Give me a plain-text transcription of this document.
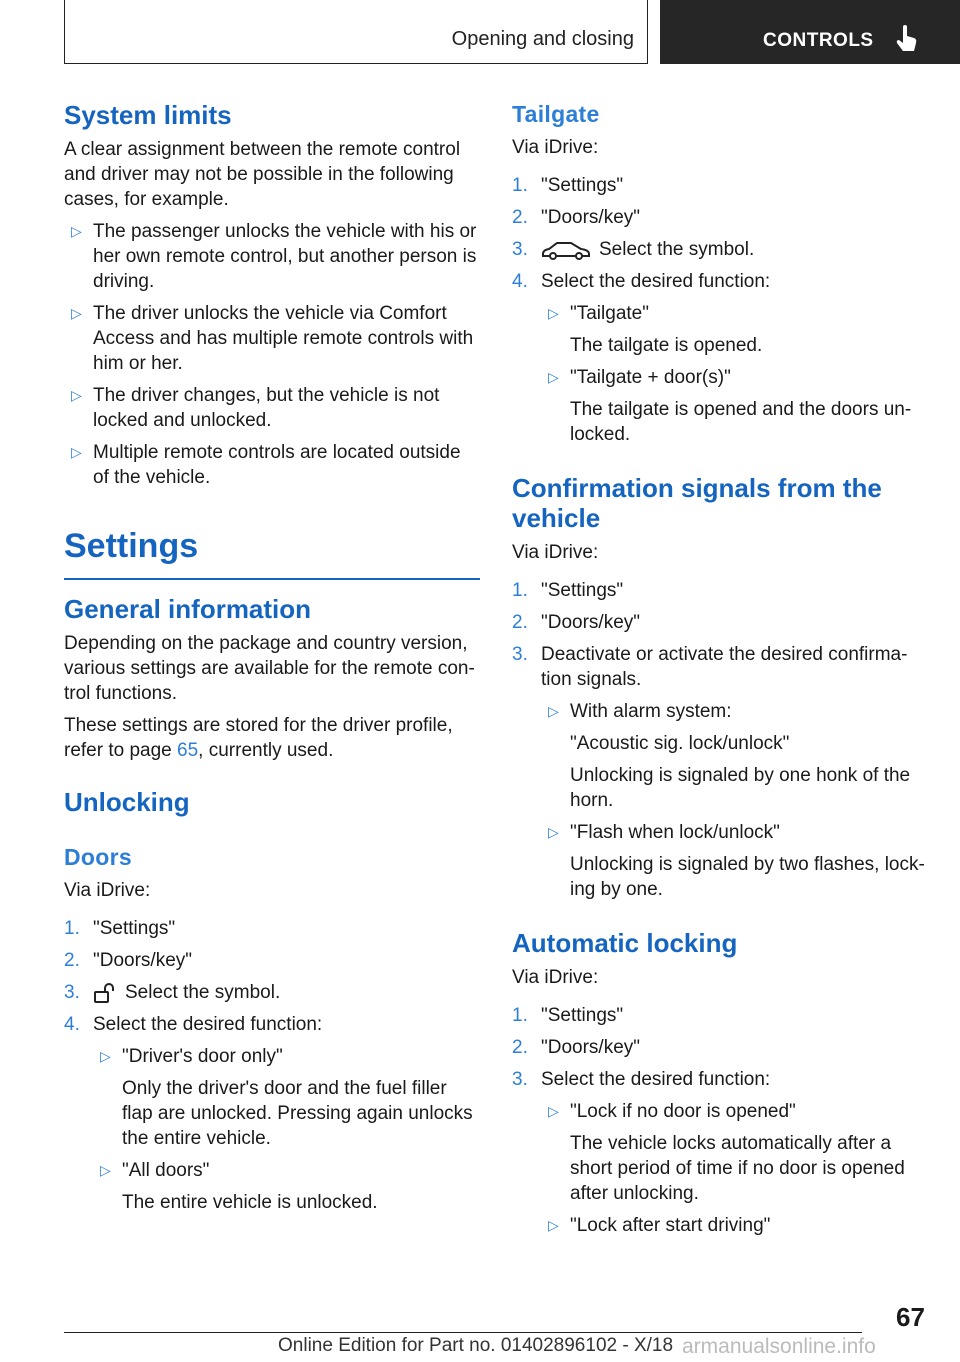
Opening and closing	CONTROLS
System limits

A clear assignment between the remote control and driver may not be possible in the following cases, for example.

▷ The passenger unlocks the vehicle with his or her own remote control, but another person is driving.
▷ The driver unlocks the vehicle via Comfort Access and has multiple remote controls with him or her.
▷ The driver changes, but the vehicle is not locked and unlocked.
▷ Multiple remote controls are located outside of the vehicle.
Settings
General information

Depending on the package and country version, various settings are available for the remote con‐trol functions.

These settings are stored for the driver profile, refer to page 65, currently used.

Unlocking
Doors

Via iDrive:

1. "Settings"
2. "Doors/key"
3. Select the symbol.
4. Select the desired function:
▷ "Driver's door only"
Only the driver's door and the fuel filler flap are unlocked. Pressing again unlocks the entire vehicle.
▷ "All doors"
The entire vehicle is unlocked.
Tailgate

Via iDrive:

1. "Settings"
2. "Doors/key"
3.	Select the symbol.
4. Select the desired function:
▷ "Tailgate"
The tailgate is opened.
▷ "Tailgate + door(s)"
The tailgate is opened and the doors un‐locked.
Confirmation signals from the vehicle

Via iDrive:

1. "Settings"
2. "Doors/key"
3. Deactivate or activate the desired confirma‐tion signals.
▷ With alarm system:
"Acoustic sig. lock/unlock"
Unlocking is signaled by one honk of the horn.
▷ "Flash when lock/unlock"
Unlocking is signaled by two flashes, lock‐ing by one.
Automatic locking

Via iDrive:

1. "Settings"
2. "Doors/key"
3. Select the desired function:
▷ "Lock if no door is opened"
The vehicle locks automatically after a short period of time if no door is opened after unlocking.
▷ "Lock after start driving"
67
Online Edition for Part no. 01402896102 - X/18 armanualsonline.info
